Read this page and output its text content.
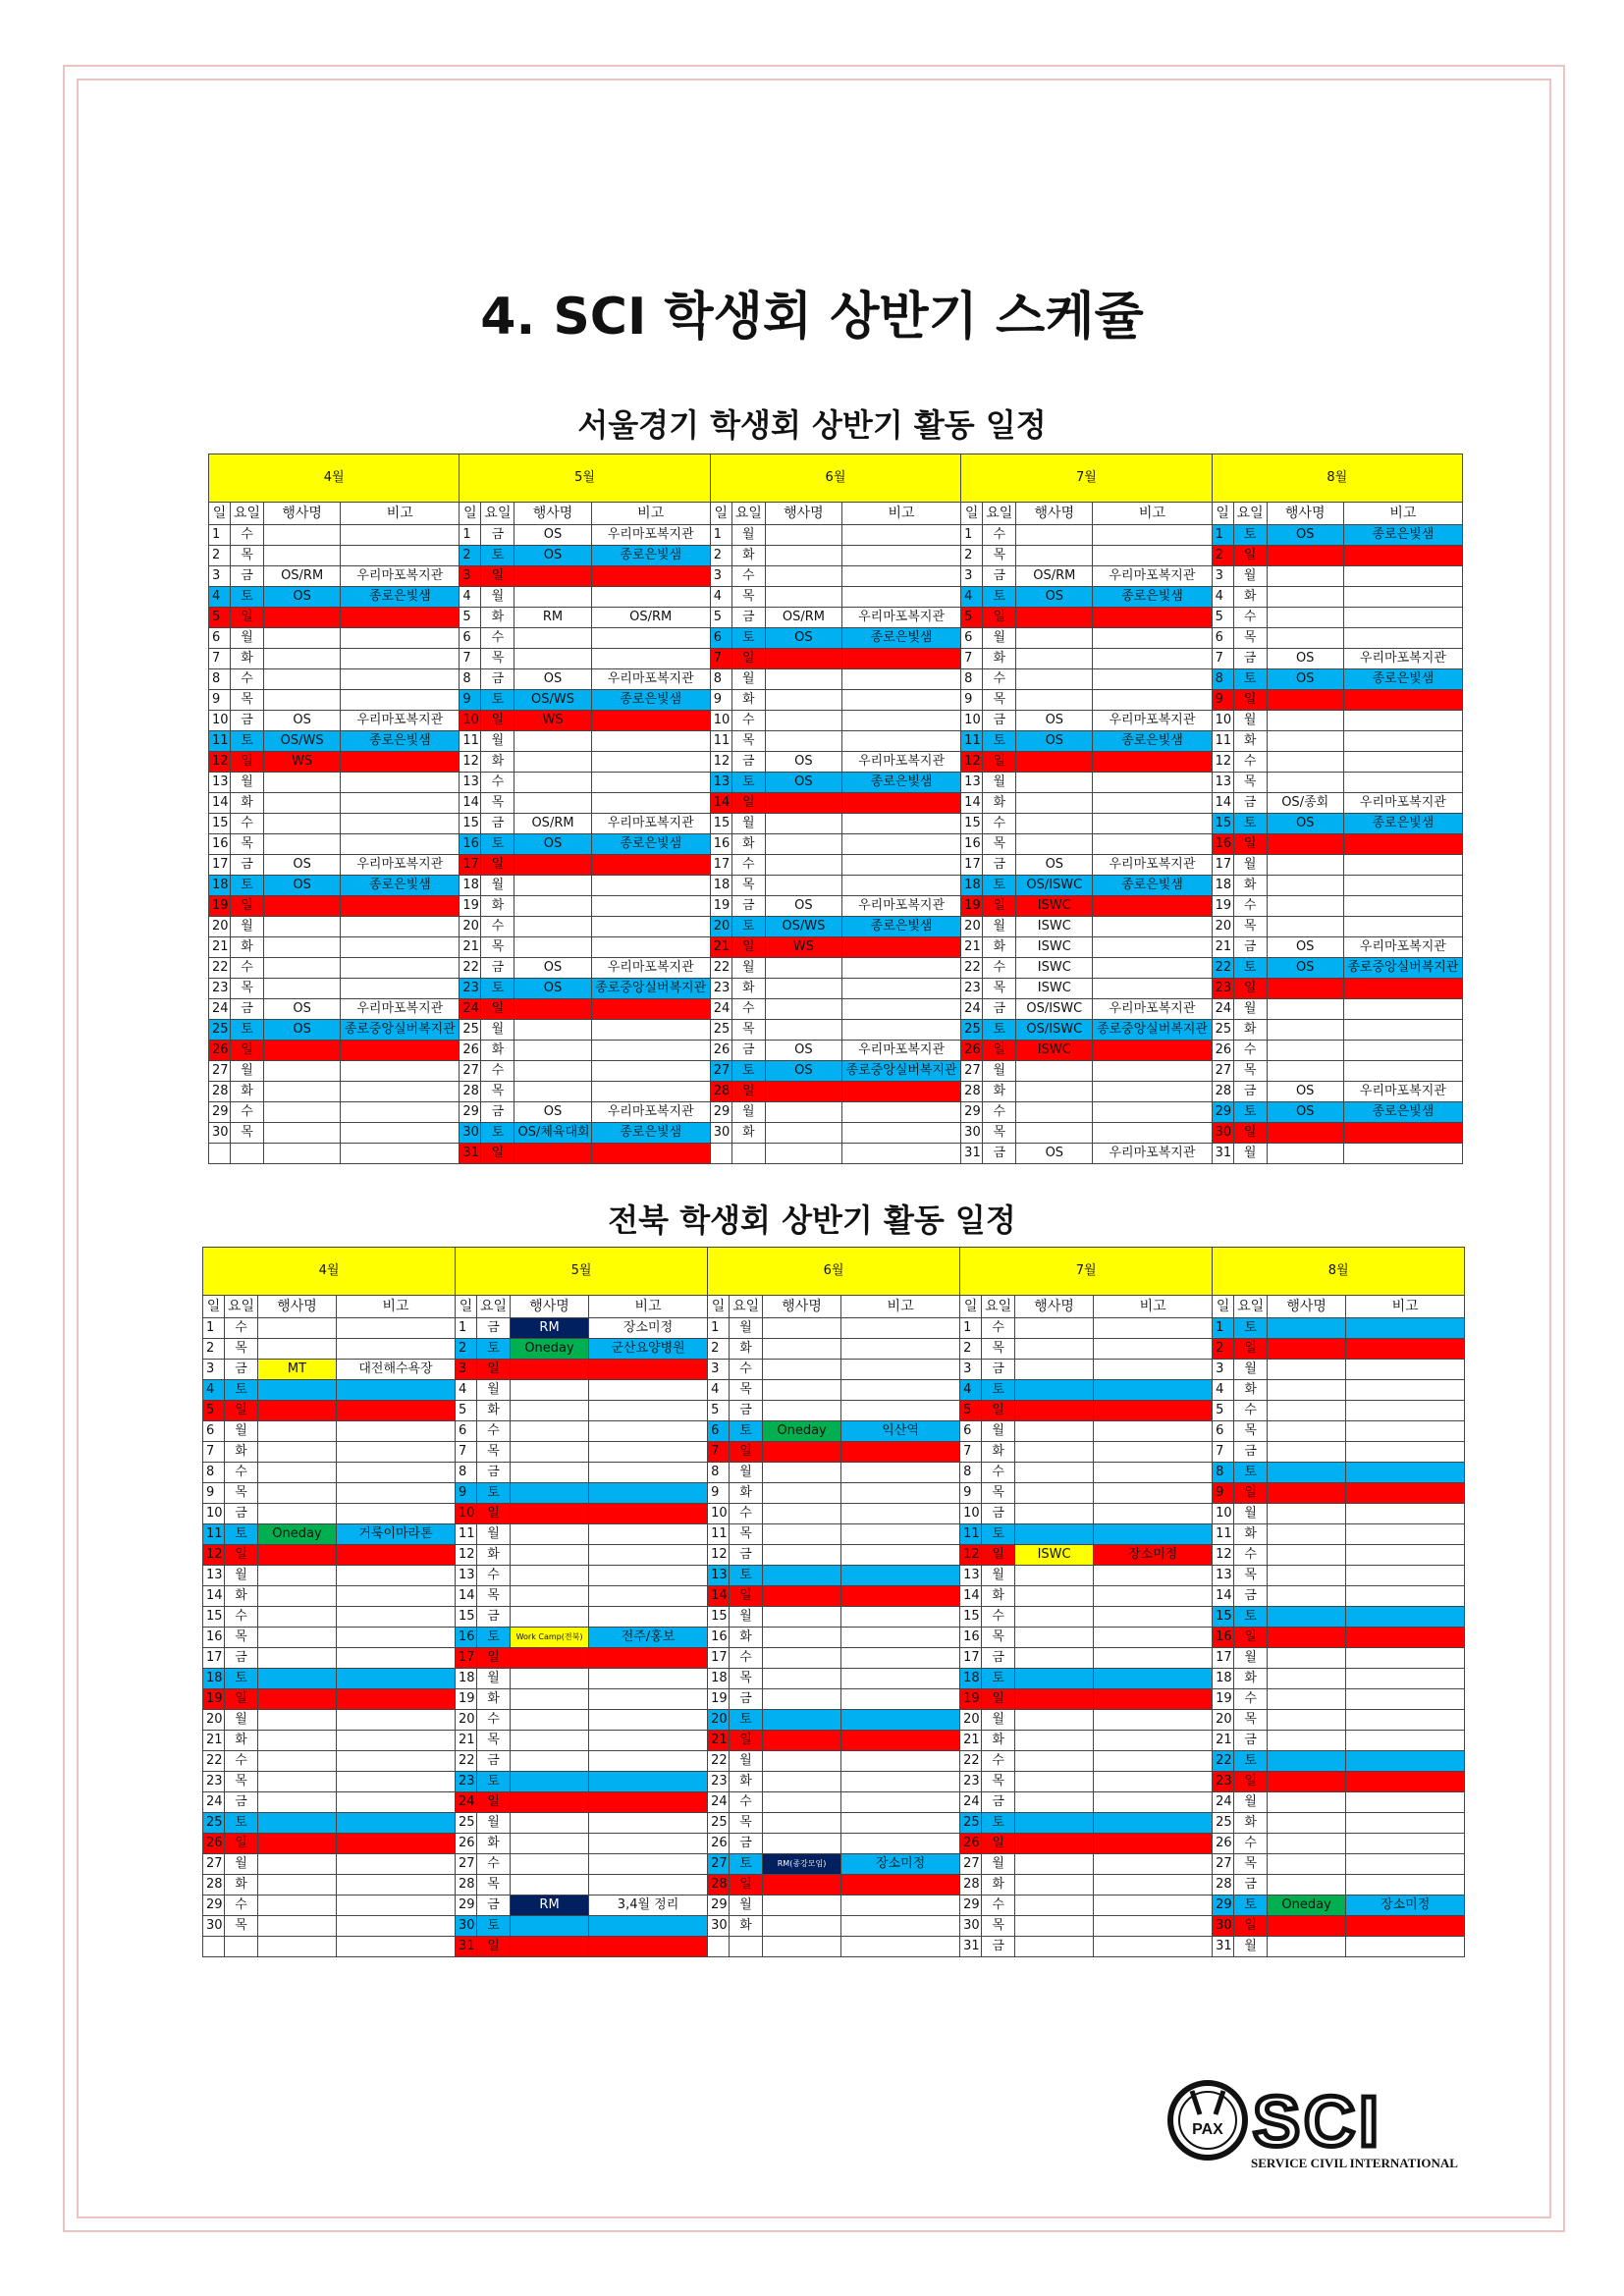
4. SCI 학생회 상반기 스케쥴
서울경기 학생회 상반기 활동 일정
전북 학생회 상반기 활동 일정
4월				5월				6월				7월				8월			
일	요일	행사명	비고	일	요일	행사명	비고	일	요일	행사명	비고	일	요일	행사명	비고	일	요일	행사명	비고
1	수			1	금	OS	우리마포복지관	1	월			1	수			1	토	OS	종로은빛샘
2	목			2	토	OS	종로은빛샘	2	화			2	목			2	일		
3	금	OS/RM	우리마포복지관	3	일			3	수			3	금	OS/RM	우리마포복지관	3	월		
4	토	OS	종로은빛샘	4	월			4	목			4	토	OS	종로은빛샘	4	화		
5	일			5	화	RM	OS/RM	5	금	OS/RM	우리마포복지관	5	일			5	수		
6	월			6	수			6	토	OS	종로은빛샘	6	월			6	목		
7	화			7	목			7	일			7	화			7	금	OS	우리마포복지관
8	수			8	금	OS	우리마포복지관	8	월			8	수			8	토	OS	종로은빛샘
9	목			9	토	OS/WS	종로은빛샘	9	화			9	목			9	일		
10	금	OS	우리마포복지관	10	일	WS		10	수			10	금	OS	우리마포복지관	10	월		
11	토	OS/WS	종로은빛샘	11	월			11	목			11	토	OS	종로은빛샘	11	화		
12	일	WS		12	화			12	금	OS	우리마포복지관	12	일			12	수		
13	월			13	수			13	토	OS	종로은빛샘	13	월			13	목		
14	화			14	목			14	일			14	화			14	금	OS/종회	우리마포복지관
15	수			15	금	OS/RM	우리마포복지관	15	월			15	수			15	토	OS	종로은빛샘
16	목			16	토	OS	종로은빛샘	16	화			16	목			16	일		
17	금	OS	우리마포복지관	17	일			17	수			17	금	OS	우리마포복지관	17	월		
18	토	OS	종로은빛샘	18	월			18	목			18	토	OS/ISWC	종로은빛샘	18	화		
19	일			19	화			19	금	OS	우리마포복지관	19	일	ISWC		19	수		
20	월			20	수			20	토	OS/WS	종로은빛샘	20	월	ISWC		20	목		
21	화			21	목			21	일	WS		21	화	ISWC		21	금	OS	우리마포복지관
22	수			22	금	OS	우리마포복지관	22	월			22	수	ISWC		22	토	OS	종로중앙실버복지관
23	목			23	토	OS	종로중앙실버복지관	23	화			23	목	ISWC		23	일		
24	금	OS	우리마포복지관	24	일			24	수			24	금	OS/ISWC	우리마포복지관	24	월		
25	토	OS	종로중앙실버복지관	25	월			25	목			25	토	OS/ISWC	종로중앙실버복지관	25	화		
26	일			26	화			26	금	OS	우리마포복지관	26	일	ISWC		26	수		
27	월			27	수			27	토	OS	종로중앙실버복지관	27	월			27	목		
28	화			28	목			28	일			28	화			28	금	OS	우리마포복지관
29	수			29	금	OS	우리마포복지관	29	월			29	수			29	토	OS	종로은빛샘
30	목			30	토	OS/체육대회	종로은빛샘	30	화			30	목			30	일		
				31	일							31	금	OS	우리마포복지관	31	월		
4월				5월				6월				7월				8월			
일	요일	행사명	비고	일	요일	행사명	비고	일	요일	행사명	비고	일	요일	행사명	비고	일	요일	행사명	비고
1	수			1	금	RM	장소미정	1	월			1	수			1	토		
2	목			2	토	Oneday	군산요양병원	2	화			2	목			2	일		
3	금	MT	대전해수욕장	3	일			3	수			3	금			3	월		
4	토			4	월			4	목			4	토			4	화		
5	일			5	화			5	금			5	일			5	수		
6	월			6	수			6	토	Oneday	익산역	6	월			6	목		
7	화			7	목			7	일			7	화			7	금		
8	수			8	금			8	월			8	수			8	토		
9	목			9	토			9	화			9	목			9	일		
10	금			10	일			10	수			10	금			10	월		
11	토	Oneday	거룩이마라톤	11	월			11	목			11	토			11	화		
12	일			12	화			12	금			12	일	ISWC	장소미정	12	수		
13	월			13	수			13	토			13	월			13	목		
14	화			14	목			14	일			14	화			14	금		
15	수			15	금			15	월			15	수			15	토		
16	목			16	토	Work Camp(전북)	전주/홍보	16	화			16	목			16	일		
17	금			17	일			17	수			17	금			17	월		
18	토			18	월			18	목			18	토			18	화		
19	일			19	화			19	금			19	일			19	수		
20	월			20	수			20	토			20	월			20	목		
21	화			21	목			21	일			21	화			21	금		
22	수			22	금			22	월			22	수			22	토		
23	목			23	토			23	화			23	목			23	일		
24	금			24	일			24	수			24	금			24	월		
25	토			25	월			25	목			25	토			25	화		
26	일			26	화			26	금			26	일			26	수		
27	월			27	수			27	토	RM(종강모임)	장소미정	27	월			27	목		
28	화			28	목			28	일			28	화			28	금		
29	수			29	금	RM	3,4월 정리	29	월			29	수			29	토	Oneday	장소미정
30	목			30	토			30	화			30	목			30	일		
				31	일							31	금			31	월		
PAX SCI
SERVICE CIVIL INTERNATIONAL
